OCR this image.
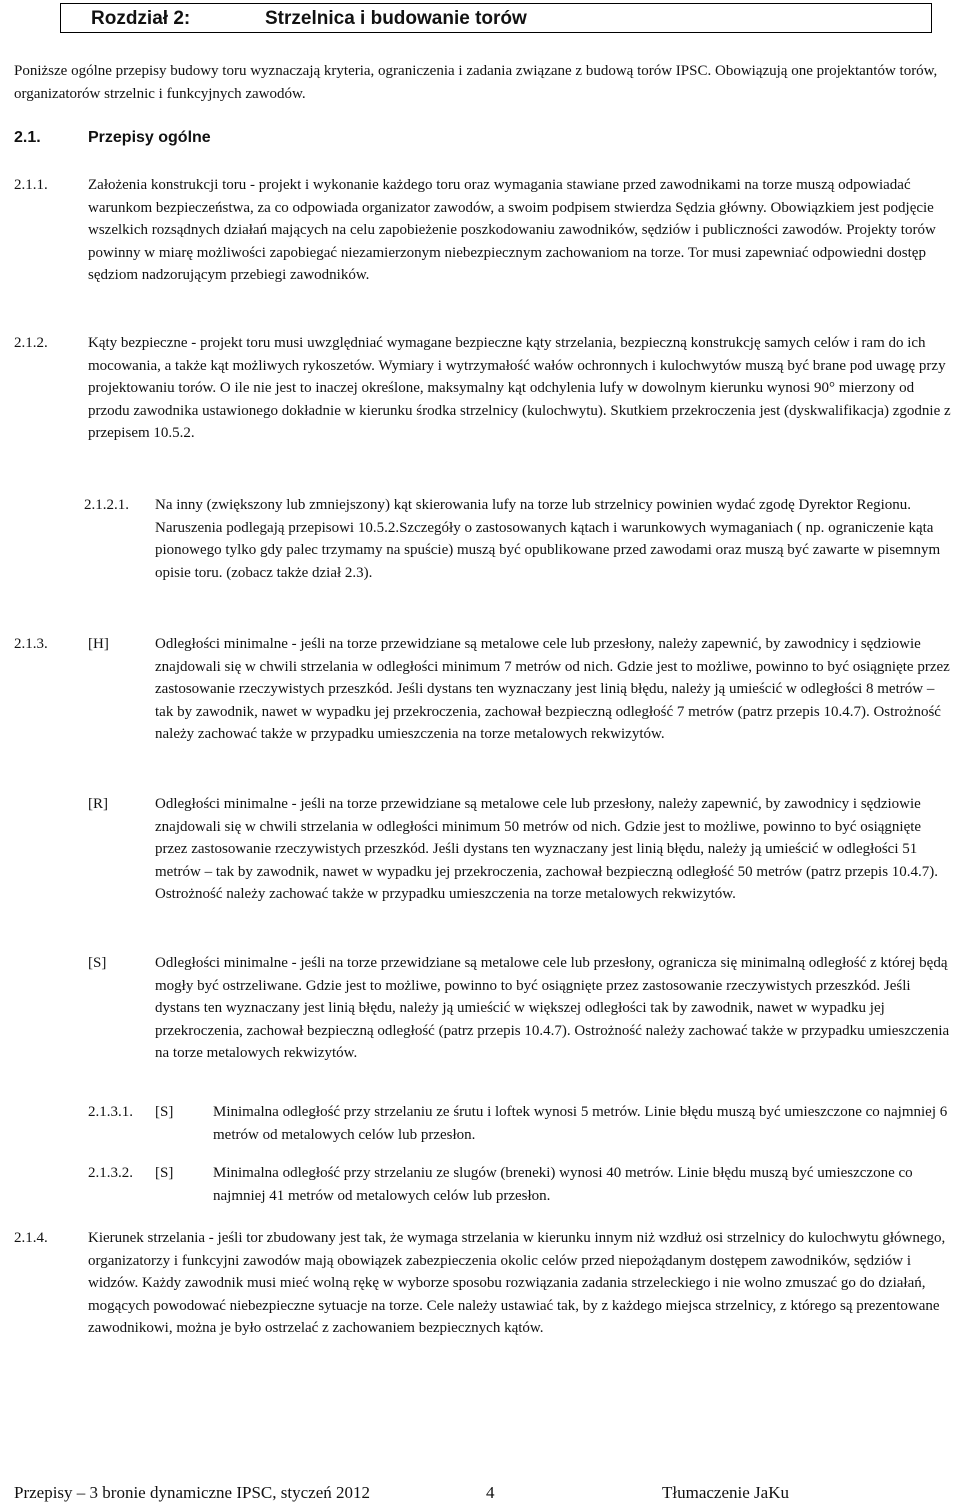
Rozdział 2:	Strzelnica i budowanie torów

Poniższe ogólne przepisy budowy toru wyznaczają kryteria, ograniczenia i zadania związane z budową torów IPSC. Obowiązują one projektantów torów, organizatorów strzelnic i funkcyjnych zawodów.

2.1.	Przepisy ogólne
2.1.1.	Założenia konstrukcji toru - projekt i wykonanie każdego toru oraz wymagania stawiane przed zawodnikami na torze muszą odpowiadać warunkom bezpieczeństwa, za co odpowiada organizator zawodów, a swoim podpisem stwierdza Sędzia główny. Obowiązkiem jest podjęcie wszelkich rozsądnych działań mających na celu zapobieżenie poszkodowaniu zawodników, sędziów i publiczności zawodów. Projekty torów powinny w miarę możliwości zapobiegać niezamierzonym niebezpiecznym zachowaniom na torze. Tor musi zapewniać odpowiedni dostęp sędziom nadzorującym przebiegi zawodników.

2.1.2.	Kąty bezpieczne - projekt toru musi uwzględniać wymagane bezpieczne kąty strzelania, bezpieczną konstrukcję samych celów i ram do ich mocowania, a także kąt możliwych rykoszetów. Wymiary i wytrzymałość wałów ochronnych i kulochwytów muszą być brane pod uwagę przy projektowaniu torów. O ile nie jest to inaczej określone, maksymalny kąt odchylenia lufy w dowolnym kierunku wynosi 90° mierzony od przodu zawodnika ustawionego dokładnie w kierunku środka strzelnicy (kulochwytu). Skutkiem przekroczenia jest (dyskwalifikacja) zgodnie z przepisem 10.5.2.

2.1.2.1. Na inny (zwiększony lub zmniejszony) kąt skierowania lufy na torze lub strzelnicy powinien wydać zgodę Dyrektor Regionu. Naruszenia podlegają przepisowi 10.5.2.Szczegóły o zastosowanych kątach i warunkowych wymaganiach ( np. ograniczenie kąta pionowego tylko gdy palec trzymamy na spuście) muszą być opublikowane przed zawodami oraz muszą być zawarte w pisemnym opisie toru. (zobacz także dział 2.3).

2.1.3.	[H]	Odległości minimalne - jeśli na torze przewidziane są metalowe cele lub przesłony, należy zapewnić, by zawodnicy i sędziowie znajdowali się w chwili strzelania w odległości minimum 7 metrów od nich. Gdzie jest to możliwe, powinno to być osiągnięte przez zastosowanie rzeczywistych przeszkód. Jeśli dystans ten wyznaczany jest linią błędu, należy ją umieścić w odległości 8 metrów – tak by zawodnik, nawet w wypadku jej przekroczenia, zachował bezpieczną odległość 7 metrów (patrz przepis 10.4.7). Ostrożność należy zachować także w przypadku umieszczenia na torze metalowych rekwizytów.

[R]	Odległości minimalne - jeśli na torze przewidziane są metalowe cele lub przesłony, należy zapewnić, by zawodnicy i sędziowie znajdowali się w chwili strzelania w odległości minimum 50 metrów od nich. Gdzie jest to możliwe, powinno to być osiągnięte przez zastosowanie rzeczywistych przeszkód. Jeśli dystans ten wyznaczany jest linią błędu, należy ją umieścić w odległości 51 metrów – tak by zawodnik, nawet w wypadku jej przekroczenia, zachował bezpieczną odległość 50 metrów (patrz przepis 10.4.7). Ostrożność należy zachować także w przypadku umieszczenia na torze metalowych rekwizytów.

[S]	Odległości minimalne - jeśli na torze przewidziane są metalowe cele lub przesłony, ogranicza się minimalną odległość z której będą mogły być ostrzeliwane. Gdzie jest to możliwe, powinno to być osiągnięte przez zastosowanie rzeczywistych przeszkód. Jeśli dystans ten wyznaczany jest linią błędu, należy ją umieścić w większej odległości tak by zawodnik, nawet w wypadku jej przekroczenia, zachował bezpieczną odległość (patrz przepis 10.4.7). Ostrożność należy zachować także w przypadku umieszczenia na torze metalowych rekwizytów.

2.1.3.1. [S]	Minimalna odległość przy strzelaniu ze śrutu i loftek wynosi 5 metrów. Linie błędu muszą być umieszczone co najmniej 6 metrów od metalowych celów lub przesłon.

2.1.3.2. [S]	Minimalna odległość przy strzelaniu ze slugów (breneki) wynosi 40 metrów. Linie błędu muszą być umieszczone co najmniej 41 metrów od metalowych celów lub przesłon.

2.1.4.	Kierunek strzelania - jeśli tor zbudowany jest tak, że wymaga strzelania w kierunku innym niż wzdłuż osi strzelnicy do kulochwytu głównego, organizatorzy i funkcyjni zawodów mają obowiązek zabezpieczenia okolic celów przed niepożądanym dostępem zawodników, sędziów i widzów. Każdy zawodnik musi mieć wolną rękę w wyborze sposobu rozwiązania zadania strzeleckiego i nie wolno zmuszać go do działań, mogących powodować niebezpieczne sytuacje na torze. Cele należy ustawiać tak, by z każdego miejsca strzelnicy, z którego są prezentowane zawodnikowi, można je było ostrzelać z zachowaniem bezpiecznych kątów.

Przepisy – 3 bronie dynamiczne IPSC, styczeń 2012	4	Tłumaczenie JaKu
